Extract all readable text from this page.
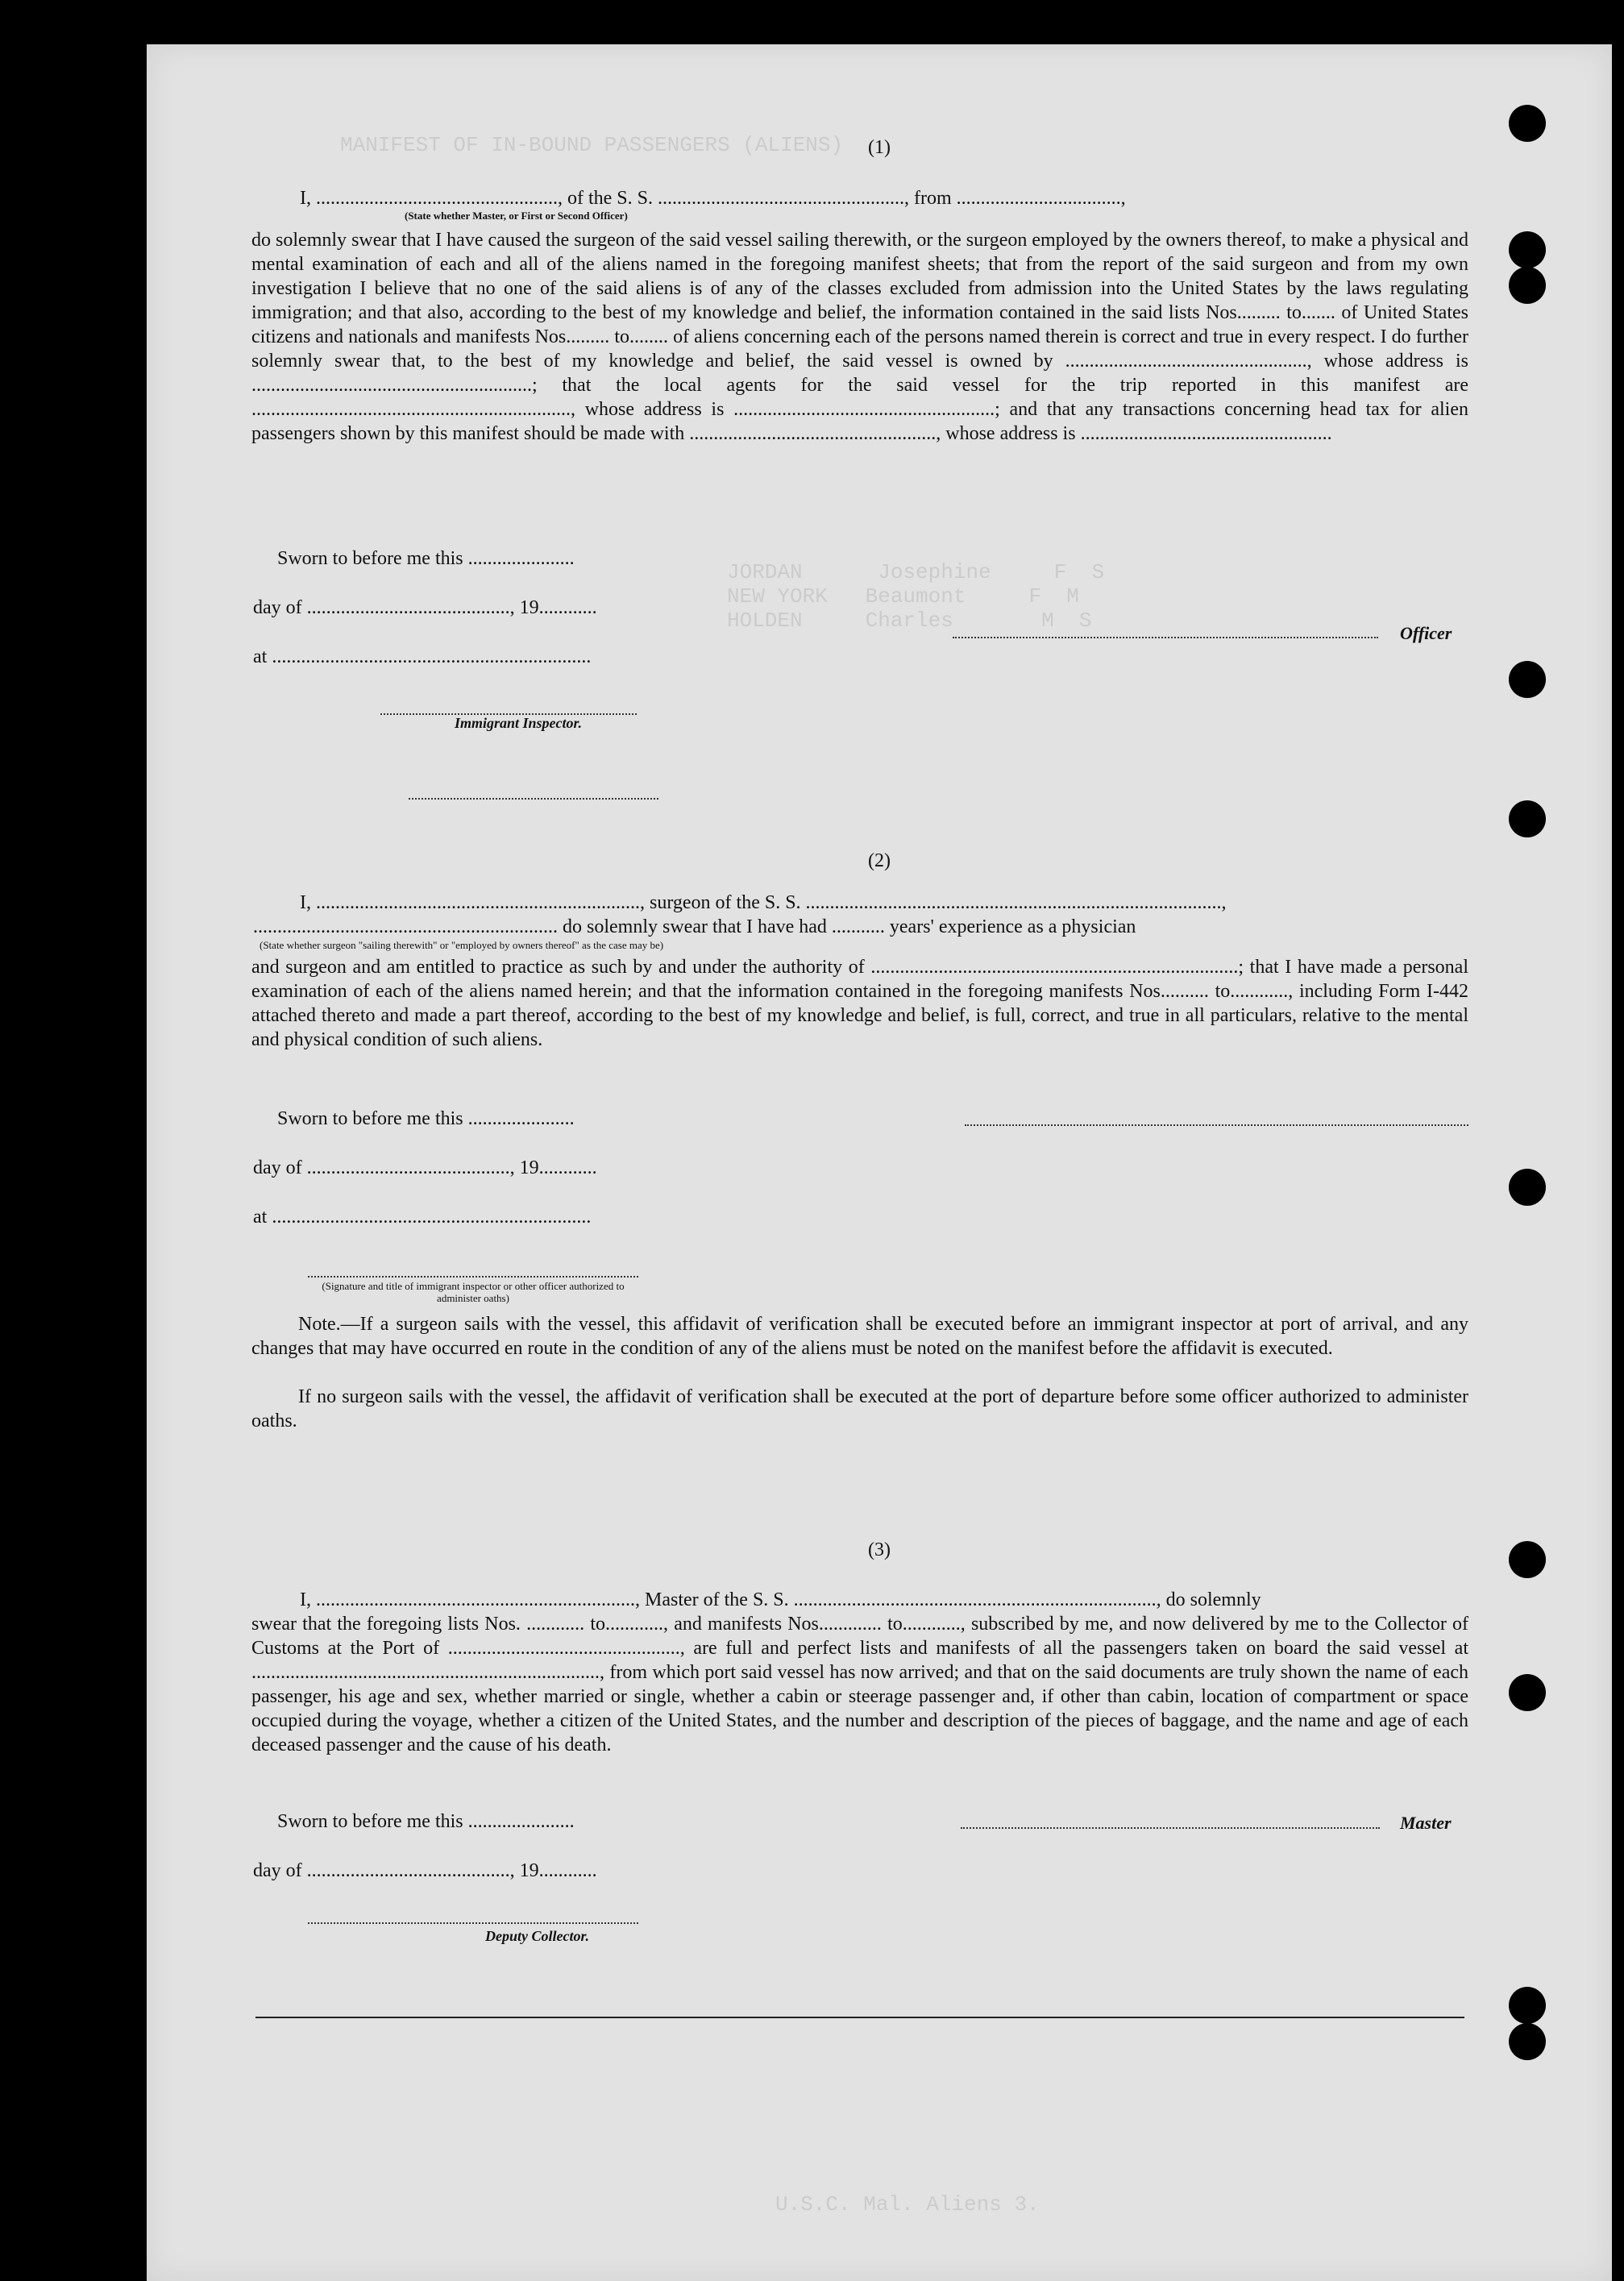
MANIFEST OF IN-BOUND PASSENGERS (ALIENS)
JORDAN      Josephine     F  S
NEW YORK   Beaumont     F  M
HOLDEN     Charles       M  S
U.S.C. Mal. Aliens 3.
(1)
I, .................................................., of the S. S. ..................................................., from ..................................,
(State whether Master, or First or Second Officer)
do solemnly swear that I have caused the surgeon of the said vessel sailing therewith, or the surgeon employed by the owners thereof, to make a physical and mental examination of each and all of the aliens named in the foregoing manifest sheets; that from the report of the said surgeon and from my own investigation I believe that no one of the said aliens is of any of the classes excluded from admission into the United States by the laws regulating immigration; and that also, according to the best of my knowledge and belief, the information contained in the said lists Nos......... to....... of United States citizens and nationals and manifests Nos......... to........ of aliens concerning each of the persons named therein is correct and true in every respect. I do further solemnly swear that, to the best of my knowledge and belief, the said vessel is owned by .................................................., whose address is ..........................................................; that the local agents for the said vessel for the trip reported in this manifest are .................................................................., whose address is ......................................................; and that any transactions concerning head tax for alien passengers shown by this manifest should be made with ..................................................., whose address is ....................................................
Sworn to before me this ......................
day of .........................................., 19............
at ..................................................................
Officer
Immigrant Inspector.
(2)
I, ..................................................................., surgeon of the S. S. ......................................................................................,
............................................................... do solemnly swear that I have had ........... years' experience as a physician
(State whether surgeon "sailing therewith" or "employed by owners thereof" as the case may be)
and surgeon and am entitled to practice as such by and under the authority of ............................................................................; that I have made a personal examination of each of the aliens named herein; and that the information contained in the foregoing manifests Nos.......... to............, including Form I-442 attached thereto and made a part thereof, according to the best of my knowledge and belief, is full, correct, and true in all particulars, relative to the mental and physical condition of such aliens.
Sworn to before me this ......................
day of .........................................., 19............
at ..................................................................
(Signature and title of immigrant inspector or other officer authorized to administer oaths)
Note.—If a surgeon sails with the vessel, this affidavit of verification shall be executed before an immigrant inspector at port of arrival, and any changes that may have occurred en route in the condition of any of the aliens must be noted on the manifest before the affidavit is executed.
If no surgeon sails with the vessel, the affidavit of verification shall be executed at the port of departure before some officer authorized to administer oaths.
(3)
I, .................................................................., Master of the S. S. ..........................................................................., do solemnly
swear that the foregoing lists Nos. ............ to............, and manifests Nos............. to............, subscribed by me, and now delivered by me to the Collector of Customs at the Port of ................................................, are full and perfect lists and manifests of all the passengers taken on board the said vessel at ........................................................................, from which port said vessel has now arrived; and that on the said documents are truly shown the name of each passenger, his age and sex, whether married or single, whether a cabin or steerage passenger and, if other than cabin, location of compartment or space occupied during the voyage, whether a citizen of the United States, and the number and description of the pieces of baggage, and the name and age of each deceased passenger and the cause of his death.
Sworn to before me this ......................	Master
day of .........................................., 19............
Deputy Collector.
